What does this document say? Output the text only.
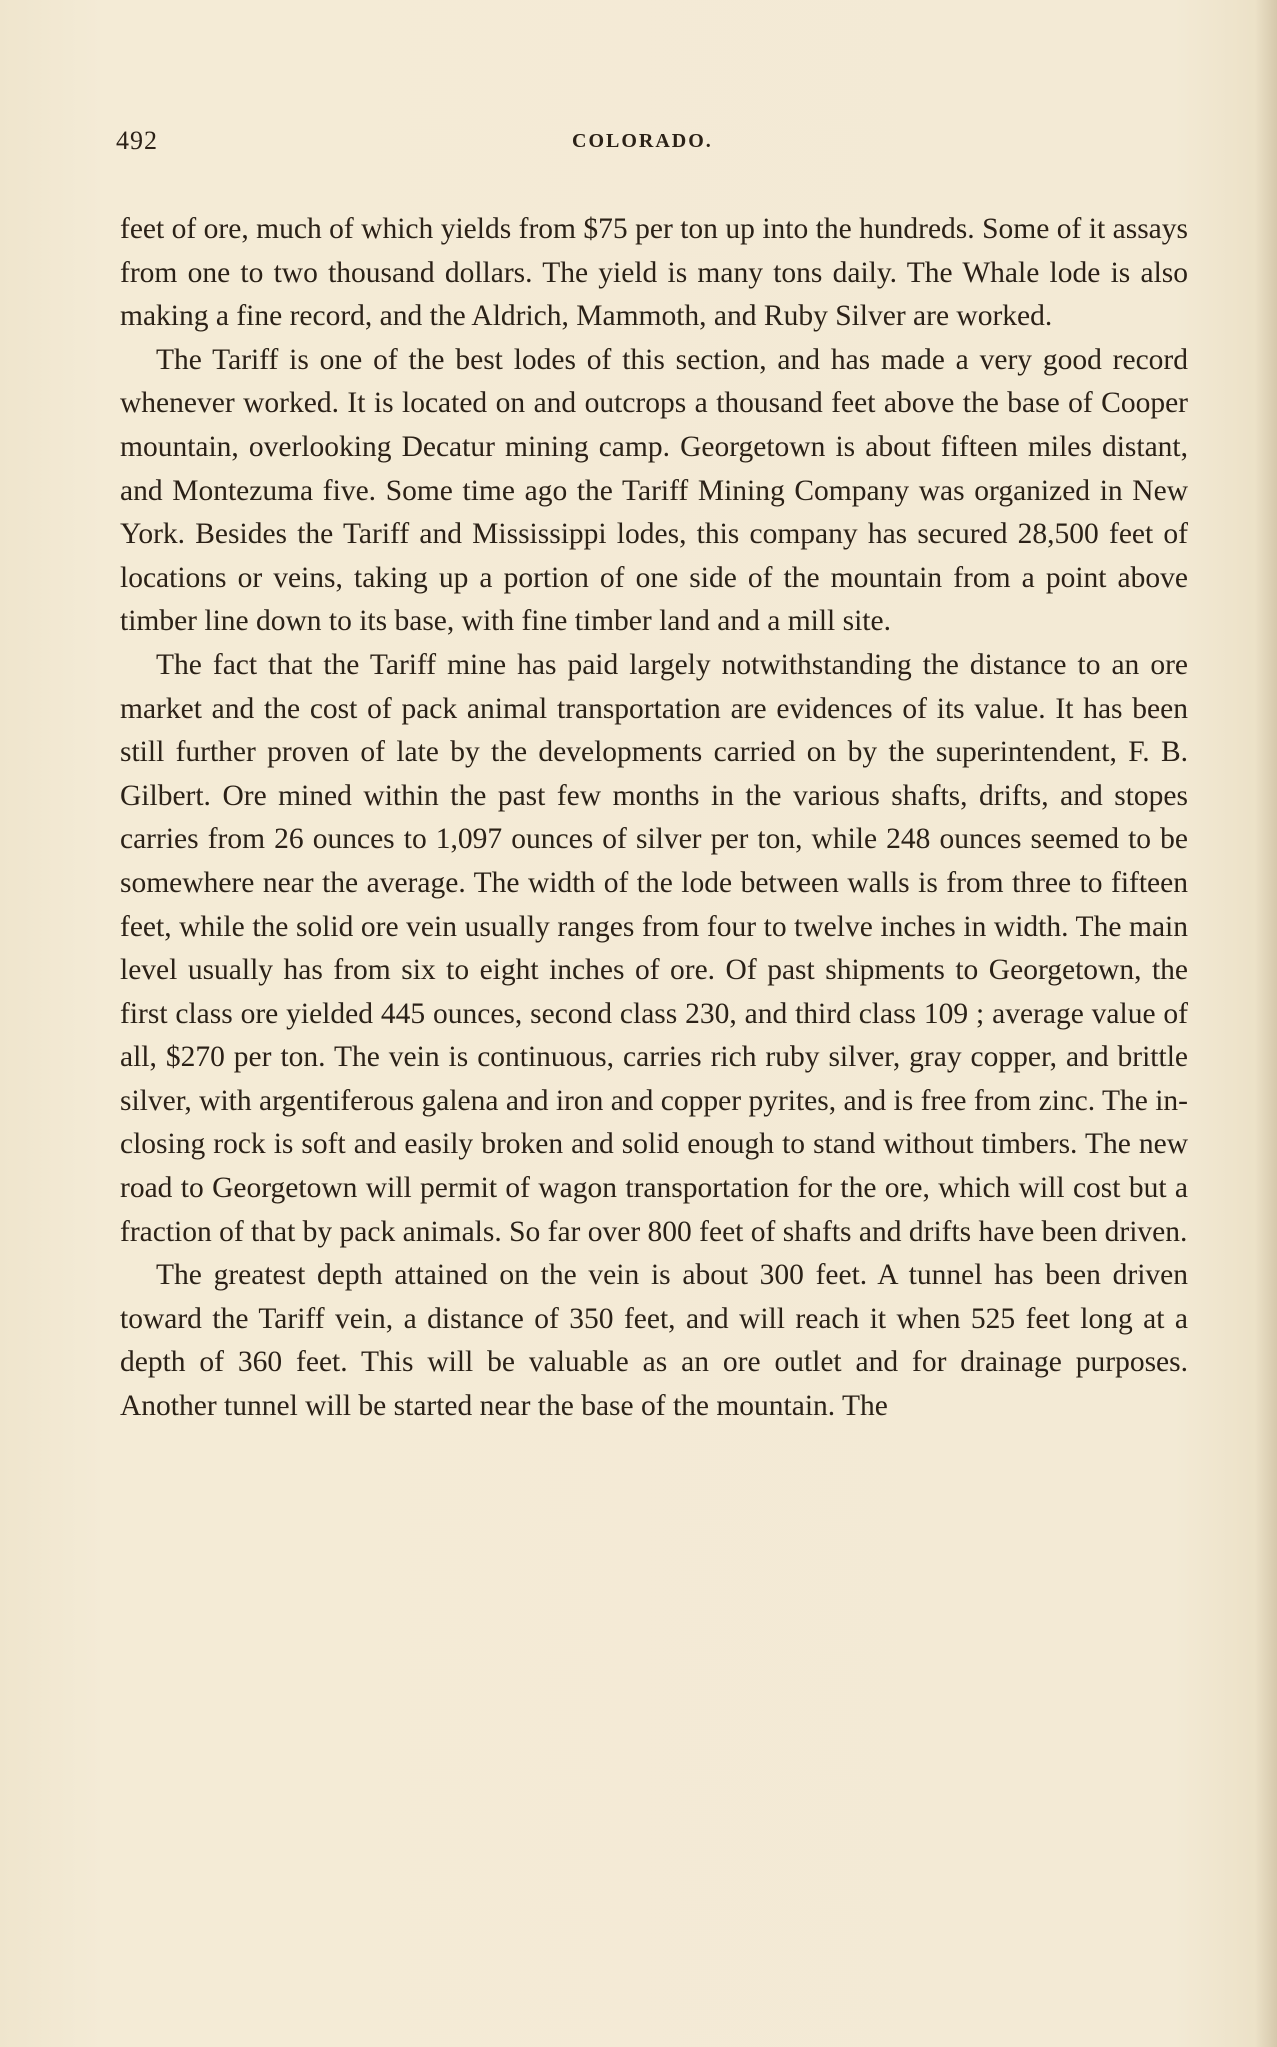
492	COLORADO.

feet of ore, much of which yields from $75 per ton up into the hundreds. Some of it assays from one to two thousand dollars. The yield is many tons daily. The Whale lode is also making a fine record, and the Aldrich, Mammoth, and Ruby Silver are worked.

The Tariff is one of the best lodes of this section, and has made a very good record whenever worked. It is located on and outcrops a thousand feet above the base of Cooper mountain, overlooking Decatur mining camp. Georgetown is about fifteen miles distant, and Montezuma five. Some time ago the Tariff Mining Company was organized in New York. Besides the Tariff and Mississippi lodes, this company has secured 28,500 feet of locations or veins, taking up a portion of one side of the mountain from a point above timber line down to its base, with fine timber land and a mill site.

The fact that the Tariff mine has paid largely notwithstanding the distance to an ore market and the cost of pack animal transportation are evidences of its value. It has been still further proven of late by the developments carried on by the superintendent, F. B. Gilbert. Ore mined within the past few months in the various shafts, drifts, and stopes carries from 26 ounces to 1,097 ounces of silver per ton, while 248 ounces seemed to be somewhere near the average. The width of the lode between walls is from three to fifteen feet, while the solid ore vein usually ranges from four to twelve inches in width. The main level usually has from six to eight inches of ore. Of past shipments to Georgetown, the first class ore yielded 445 ounces, second class 230, and third class 109 ; average value of all, $270 per ton. The vein is continuous, carries rich ruby silver, gray copper, and brittle silver, with argentiferous galena and iron and copper pyrites, and is free from zinc. The inclosing rock is soft and easily broken and solid enough to stand without timbers. The new road to Georgetown will permit of wagon transportation for the ore, which will cost but a fraction of that by pack animals. So far over 800 feet of shafts and drifts have been driven.

The greatest depth attained on the vein is about 300 feet. A tunnel has been driven toward the Tariff vein, a distance of 350 feet, and will reach it when 525 feet long at a depth of 360 feet. This will be valuable as an ore outlet and for drainage purposes. Another tunnel will be started near the base of the mountain. The
